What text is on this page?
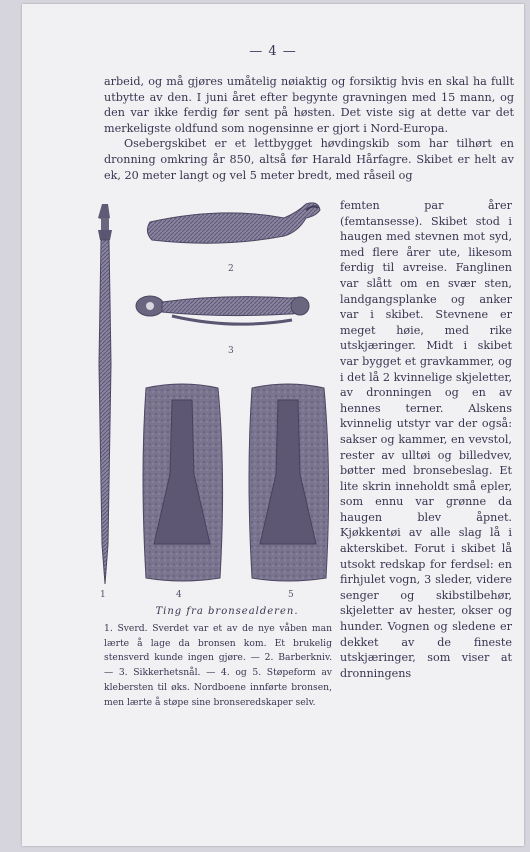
— 4 —

arbeid, og må gjøres umåtelig nøiaktig og forsiktig hvis en skal ha fullt utbytte av den. I juni året efter begynte gravningen med 15 mann, og den var ikke ferdig før sent på høsten. Det viste sig at dette var det merkeligste oldfund som nogensinne er gjort i Nord-Europa.

Osebergskibet er et lettbygget høvdingskib som har tilhørt en dronning omkring år 850, altså før Harald Hårfagre. Skibet er helt av ek, 20 meter langt og vel 5 meter bredt, med råseil og

femten par årer (femtansesse). Skibet stod i haugen med stevnen mot syd, med flere årer ute, likesom ferdig til avreise. Fanglinen var slått om en svær sten, landgangsplanke og anker var i skibet. Stevnene er meget høie, med rike utskjæringer. Midt i skibet var bygget et gravkammer, og i det lå 2 kvinnelige skjeletter, av dronningen og en av hennes terner. Alskens kvinnelig utstyr var der også: sakser og kammer, en vevstol, rester av ulltøi og billedvev, bøtter med bronsebeslag. Et lite skrin inneholdt små epler, som ennu var grønne da haugen blev åpnet. Kjøkkentøi av alle slag lå i akterskibet. Forut i skibet lå utsokt redskap for ferdsel: en firhjulet vogn, 3 sleder, videre senger og skibstilbehør, skjeletter av hester, okser og hunder. Vognen og sledene er dekket av de fineste utskjæringer, som viser at dronningens
1
2
3
4	5
Ting fra bronsealderen.
1. Sverd. Sverdet var et av de nye våben man lærte å lage da bronsen kom. Et brukelig stensverd kunde ingen gjøre. — 2. Barberkniv. — 3. Sikkerhetsnål. — 4. og 5. Støpeform av klebersten til øks. Nordboene innførte bronsen, men lærte å støpe sine bronseredskaper selv.
